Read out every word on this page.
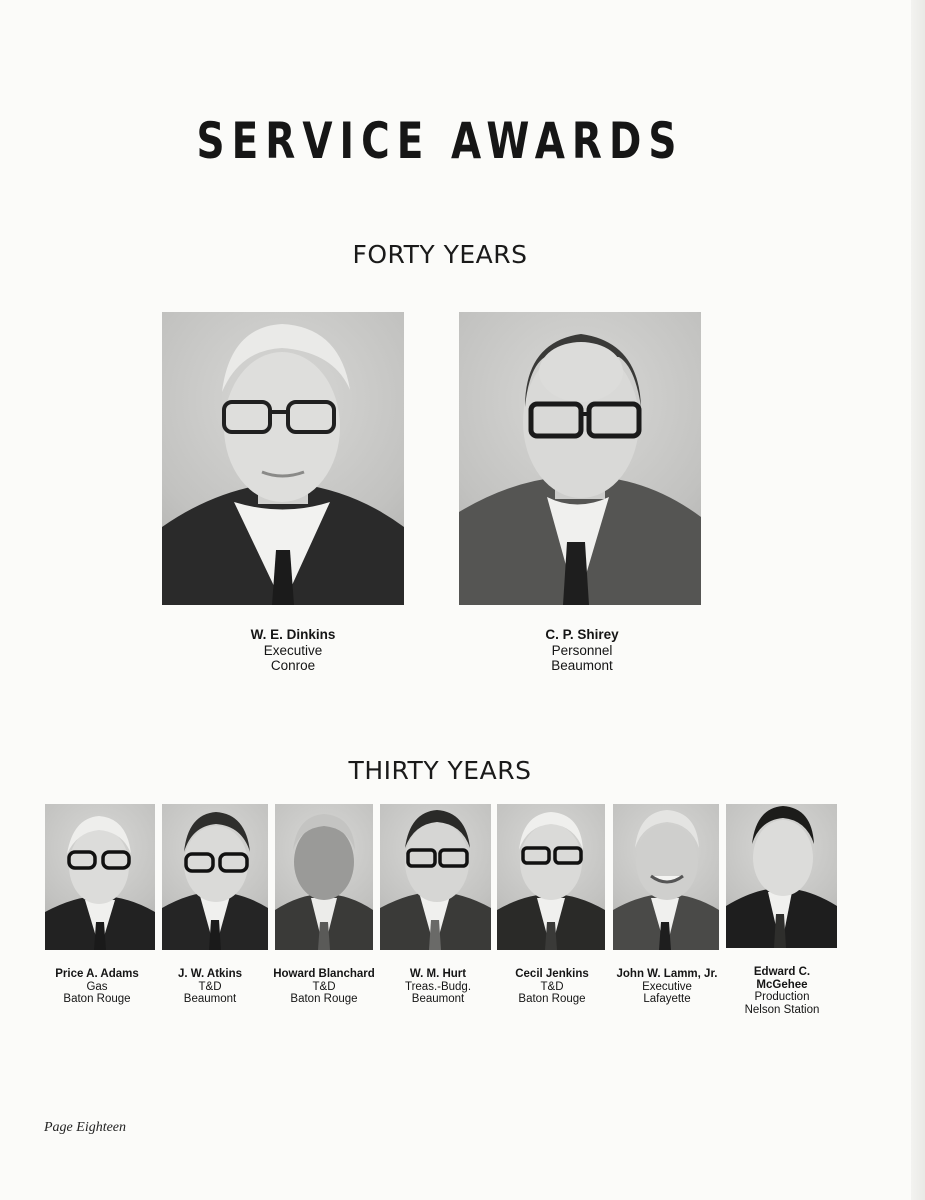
SERVICE AWARDS
FORTY YEARS
W. E. Dinkins
Executive
Conroe
C. P. Shirey
Personnel
Beaumont
THIRTY YEARS
Price A. Adams
Gas
Baton Rouge
J. W. Atkins
T&D
Beaumont
Howard Blanchard
T&D
Baton Rouge
W. M. Hurt
Treas.-Budg.
Beaumont
Cecil Jenkins
T&D
Baton Rouge
John W. Lamm, Jr.
Executive
Lafayette
Edward C.
McGehee
Production
Nelson Station
Page Eighteen
